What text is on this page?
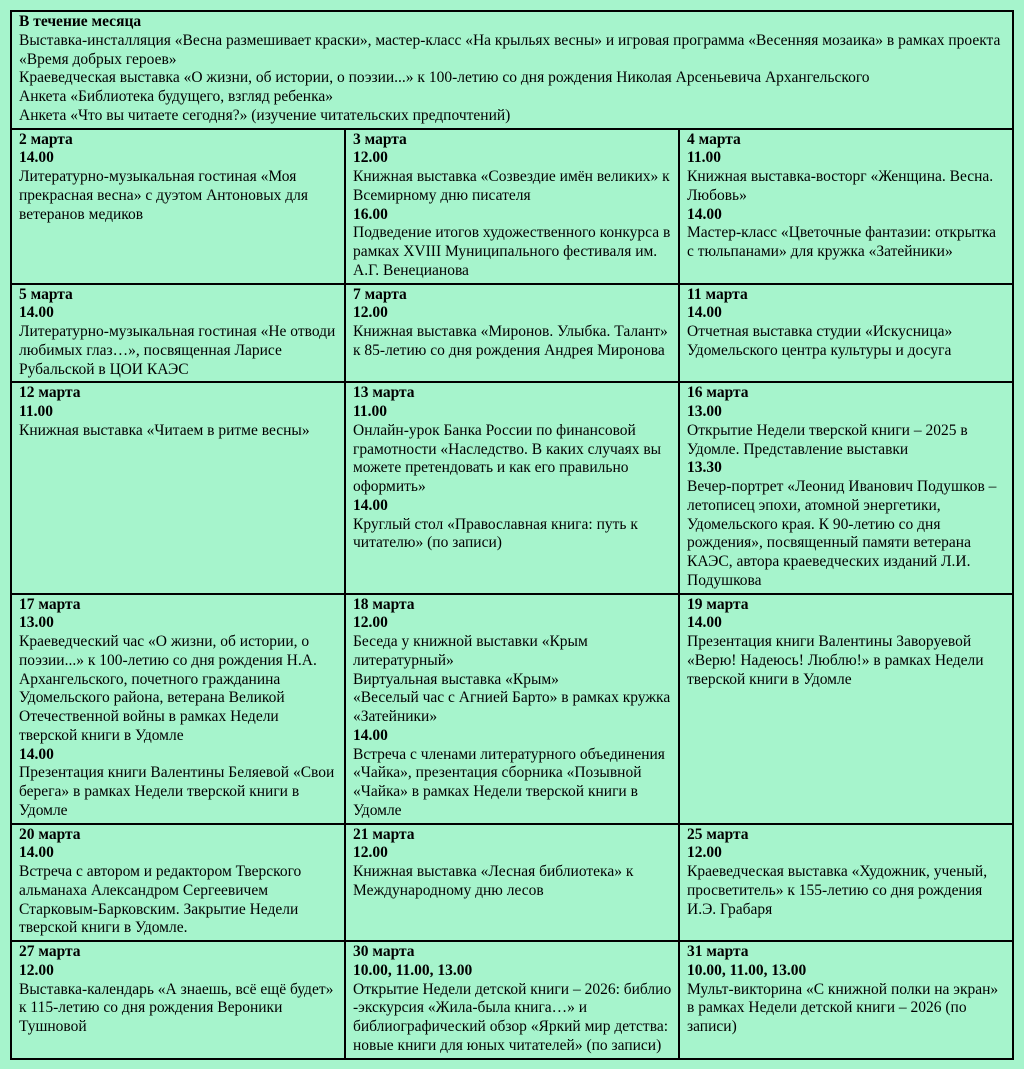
В течение месяца
Выставка-инсталляция «Весна размешивает краски», мастер-класс «На крыльях весны» и игровая программа «Весенняя мозаика» в рамках проекта «Время добрых героев»
Краеведческая выставка «О жизни, об истории, о поэзии...» к 100-летию со дня рождения Николая Арсеньевича Архангельского
Анкета «Библиотека будущего, взгляд ребенка»
Анкета «Что вы читаете сегодня?» (изучение читательских предпочтений)		

2 марта
14.00
Литературно-музыкальная гостиная «Моя прекрасная весна» с дуэтом Антоновых для ветеранов медиков

3 марта
12.00
Книжная выставка «Созвездие имён великих» к Всемирному дню писателя
16.00
Подведение итогов художественного конкурса в рамках XVIII Муниципального фестиваля им. А.Г. Венецианова

4 марта
11.00
Книжная выставка-восторг «Женщина. Весна. Любовь»
14.00
Мастер-класс «Цветочные фантазии: открытка с тюльпанами» для кружка «Затейники»

5 марта
14.00
Литературно-музыкальная гостиная «Не отводи любимых глаз…», посвященная Ларисе Рубальской в ЦОИ КАЭС

7 марта
12.00
Книжная выставка «Миронов. Улыбка. Талант» к 85-летию со дня рождения Андрея Миронова

11 марта
14.00
Отчетная выставка студии «Искусница» Удомельского центра культуры и досуга

12 марта
11.00
Книжная выставка «Читаем в ритме весны»

13 марта
11.00
Онлайн-урок Банка России по финансовой грамотности «Наследство. В каких случаях вы можете претендовать и как его правильно оформить»
14.00
Круглый стол «Православная книга: путь к читателю» (по записи)

16 марта
13.00
Открытие Недели тверской книги – 2025 в Удомле. Представление выставки
13.30
Вечер-портрет «Леонид Иванович Подушков – летописец эпохи, атомной энергетики, Удомельского края. К 90-летию со дня рождения», посвященный памяти ветерана КАЭС, автора краеведческих изданий Л.И. Подушкова

17 марта
13.00
Краеведческий час «О жизни, об истории, о поэзии...» к 100-летию со дня рождения Н.А. Архангельского, почетного гражданина Удомельского района, ветерана Великой Отечественной войны в рамках Недели тверской книги в Удомле
14.00
Презентация книги Валентины Беляевой «Свои берега» в рамках Недели тверской книги в Удомле

18 марта
12.00
Беседа у книжной выставки «Крым литературный»
Виртуальная выставка «Крым»
«Веселый час с Агнией Барто» в рамках кружка «Затейники»
14.00
Встреча с членами литературного объединения «Чайка», презентация сборника «Позывной «Чайка» в рамках Недели тверской книги в Удомле

19 марта
14.00
Презентация книги Валентины Заворуевой «Верю! Надеюсь! Люблю!» в рамках Недели тверской книги в Удомле

20 марта
14.00
Встреча с автором и редактором Тверского альманаха Александром Сергеевичем Старковым-Барковским. Закрытие Недели тверской книги в Удомле.

21 марта
12.00
Книжная выставка «Лесная библиотека» к Международному дню лесов

25 марта
12.00
Краеведческая выставка «Художник, ученый, просветитель» к 155-летию со дня рождения И.Э. Грабаря

27 марта
12.00
Выставка-календарь «А знаешь, всё ещё будет» к 115-летию со дня рождения Вероники Тушновой

30 марта
10.00, 11.00, 13.00
Открытие Недели детской книги – 2026: библио -экскурсия «Жила-была книга…» и библиографический обзор «Яркий мир детства: новые книги для юных читателей» (по записи)

31 марта
10.00, 11.00, 13.00
Мульт-викторина «С книжной полки на экран» в рамках Недели детской книги – 2026 (по записи)
